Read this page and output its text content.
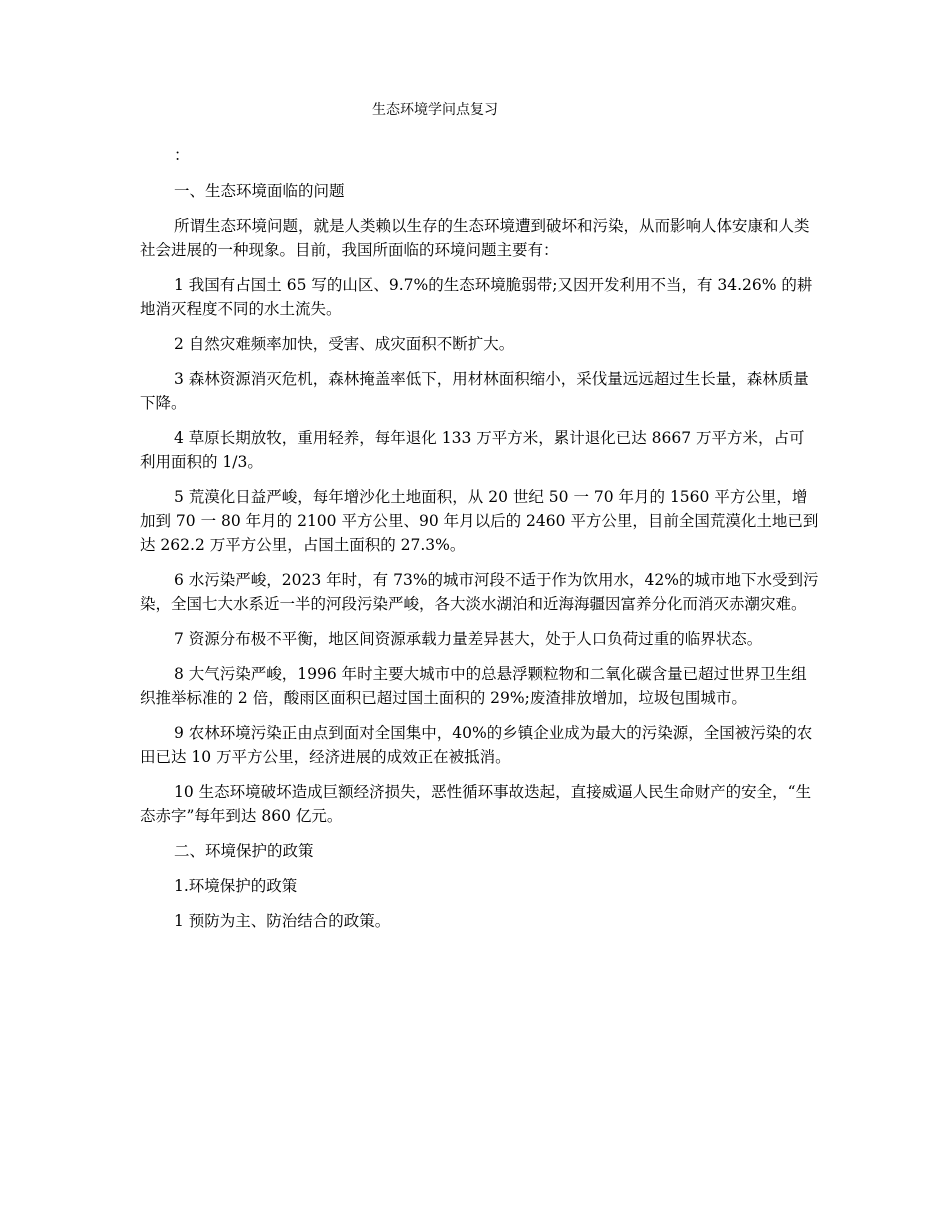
生态环境学问点复习

：

一、生态环境面临的问题

所谓生态环境问题，就是人类赖以生存的生态环境遭到破坏和污染，从而影响人体安康和人类社会进展的一种现象。目前，我国所面临的环境问题主要有：

1 我国有占国土 65 写的山区、9.7%的生态环境脆弱带;又因开发利用不当，有 34.26% 的耕地消灭程度不同的水土流失。

2 自然灾难频率加快，受害、成灾面积不断扩大。

3 森林资源消灭危机，森林掩盖率低下，用材林面积缩小，采伐量远远超过生长量，森林质量下降。

4 草原长期放牧，重用轻养，每年退化 133 万平方米，累计退化已达 8667 万平方米，占可利用面积的 1/3。

5 荒漠化日益严峻，每年增沙化土地面积，从 20 世纪 50 一 70 年月的 1560 平方公里，增加到 70 一 80 年月的 2100 平方公里、90 年月以后的 2460 平方公里，目前全国荒漠化土地已到达 262.2 万平方公里，占国土面积的 27.3%。

6 水污染严峻，2023 年时，有 73%的城市河段不适于作为饮用水，42%的城市地下水受到污染，全国七大水系近一半的河段污染严峻，各大淡水湖泊和近海海疆因富养分化而消灭赤潮灾难。

7 资源分布极不平衡，地区间资源承载力量差异甚大，处于人口负荷过重的临界状态。

8 大气污染严峻，1996 年时主要大城市中的总悬浮颗粒物和二氧化碳含量已超过世界卫生组织推举标准的 2 倍，酸雨区面积已超过国土面积的 29%;废渣排放增加，垃圾包围城市。

9 农林环境污染正由点到面对全国集中，40%的乡镇企业成为最大的污染源，全国被污染的农田已达 10 万平方公里，经济进展的成效正在被抵消。

10 生态环境破坏造成巨额经济损失，恶性循环事故迭起，直接威逼人民生命财产的安全，“生态赤字”每年到达 860 亿元。

二、环境保护的政策

1.环境保护的政策

1 预防为主、防治结合的政策。
